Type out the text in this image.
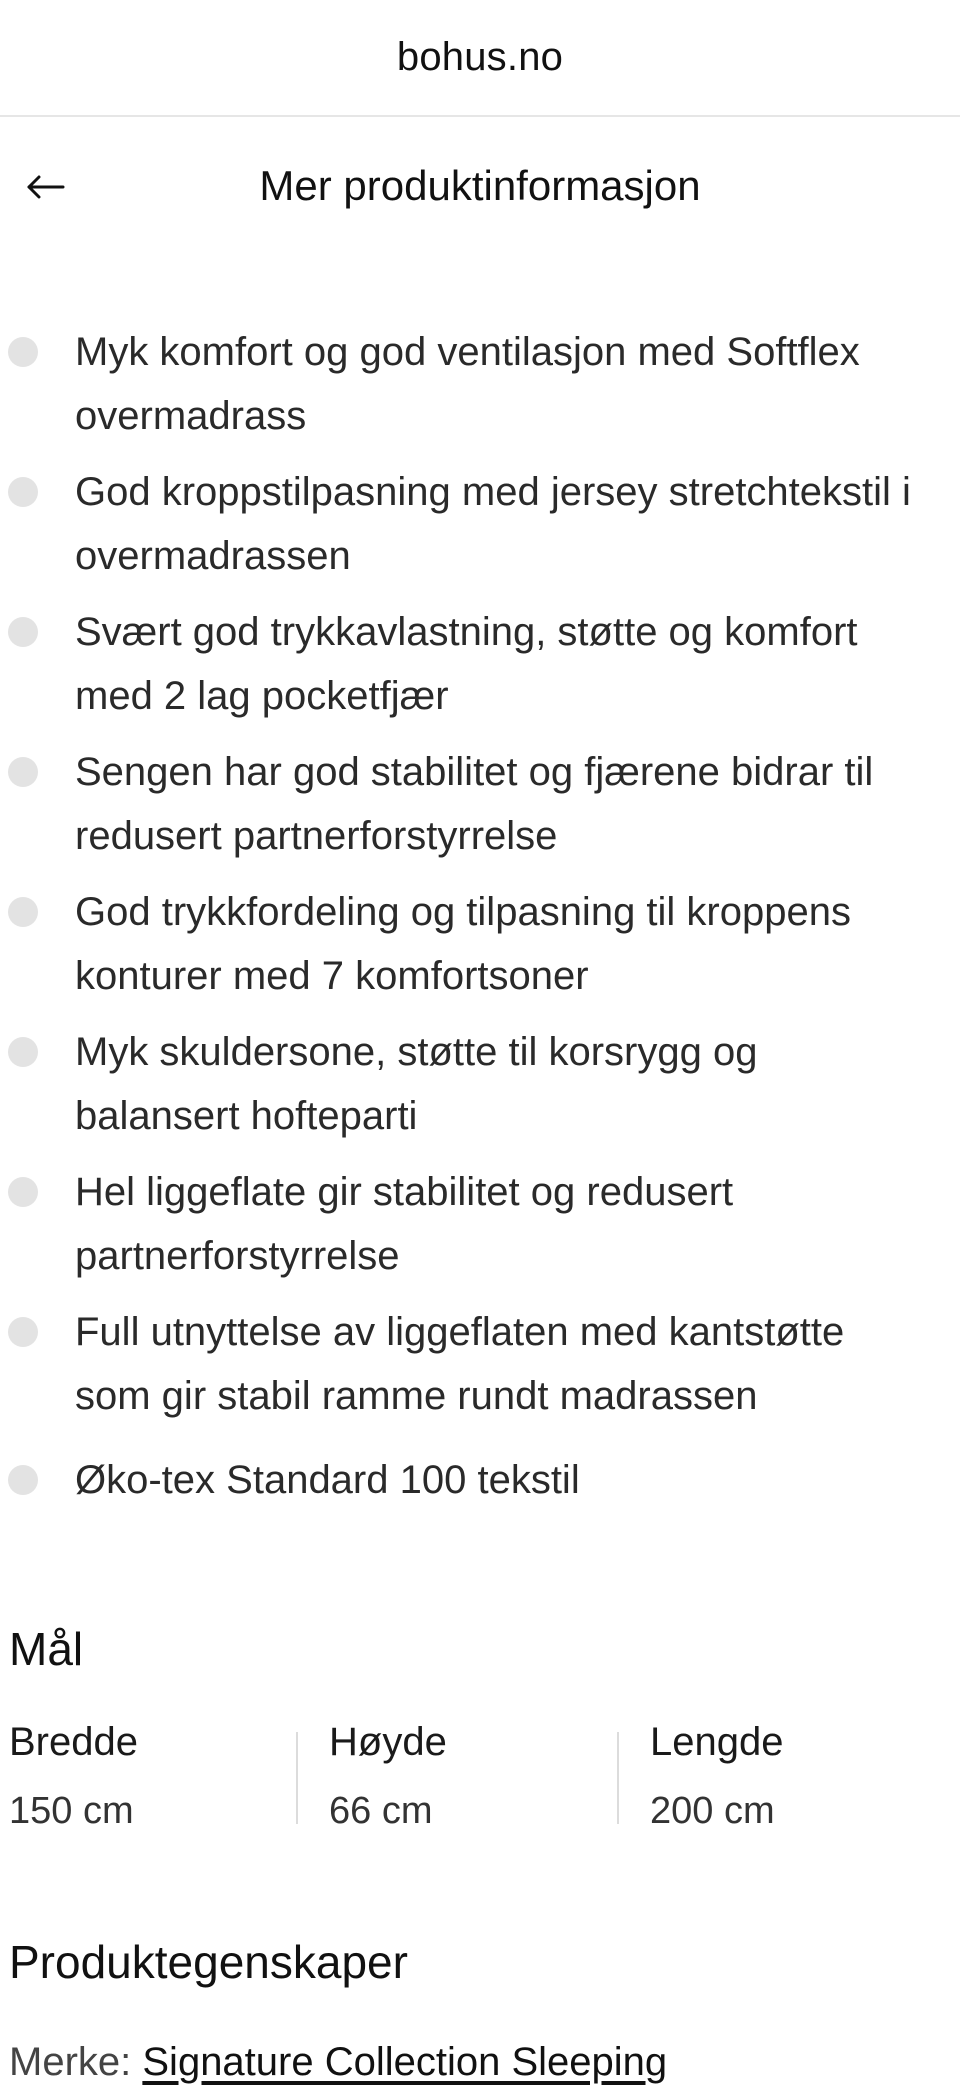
bohus.no
Mer produktinformasjon
Myk komfort og god ventilasjon med Softflex overmadrass
God kroppstilpasning med jersey stretchtekstil i overmadrassen
Svært god trykkavlastning, støtte og komfort med 2 lag pocketfjær
Sengen har god stabilitet og fjærene bidrar til redusert partnerforstyrrelse
God trykkfordeling og tilpasning til kroppens konturer med 7 komfortsoner
Myk skuldersone, støtte til korsrygg og balansert hofteparti
Hel liggeflate gir stabilitet og redusert partnerforstyrrelse
Full utnyttelse av liggeflaten med kantstøtte som gir stabil ramme rundt madrassen
Øko-tex Standard 100 tekstil
Mål
Bredde
150 cm
Høyde
66 cm
Lengde
200 cm
Produktegenskaper
Merke: Signature Collection Sleeping
